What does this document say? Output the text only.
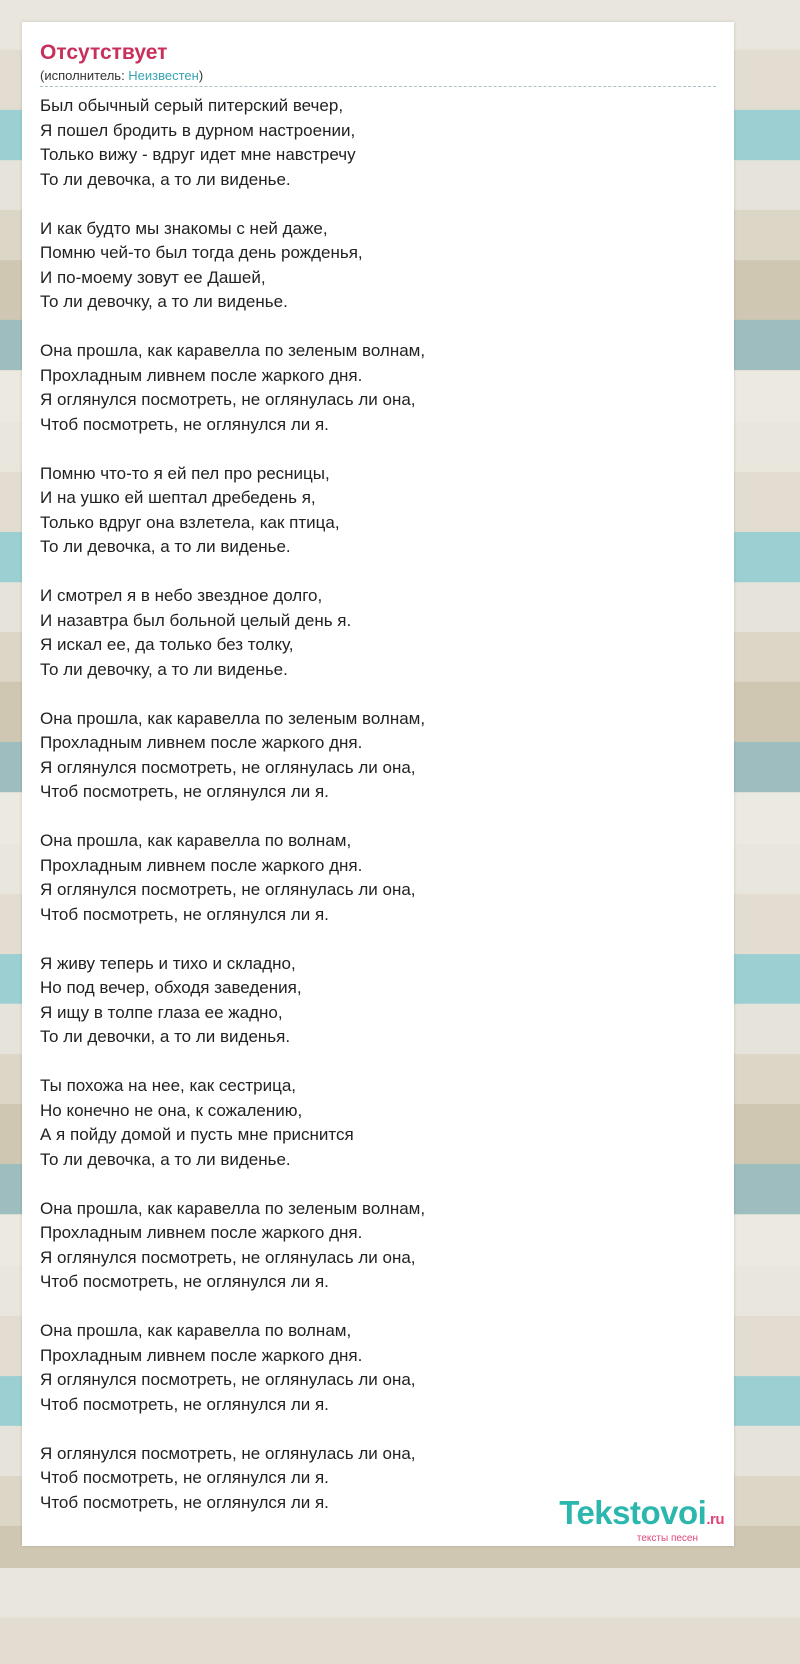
Отсутствует
(исполнитель: Неизвестен)
Был обычный серый питерский вечер,
Я пошел бродить в дурном настроении,
Только вижу - вдруг идет мне навстречу
То ли девочка, а то ли виденье.
И как будто мы знакомы с ней даже,
Помню чей-то был тогда день рожденья,
И по-моему зовут ее Дашей,
То ли девочку, а то ли виденье.
Она прошла, как каравелла по зеленым волнам,
Прохладным ливнем после жаркого дня.
Я оглянулся посмотреть, не оглянулась ли она,
Чтоб посмотреть, не оглянулся ли я.
Помню что-то я ей пел про ресницы,
И на ушко ей шептал дребедень я,
Только вдруг она взлетела, как птица,
То ли девочка, а то ли виденье.
И смотрел я в небо звездное долго,
И назавтра был больной целый день я.
Я искал ее, да только без толку,
То ли девочку, а то ли виденье.
Она прошла, как каравелла по зеленым волнам,
Прохладным ливнем после жаркого дня.
Я оглянулся посмотреть, не оглянулась ли она,
Чтоб посмотреть, не оглянулся ли я.
Она прошла, как каравелла по волнам,
Прохладным ливнем после жаркого дня.
Я оглянулся посмотреть, не оглянулась ли она,
Чтоб посмотреть, не оглянулся ли я.
Я живу теперь и тихо и складно,
Но под вечер, обходя заведения,
Я ищу в толпе глаза ее жадно,
То ли девочки, а то ли виденья.
Ты похожа на нее, как сестрица,
Но конечно не она, к сожалению,
А я пойду домой и пусть мне приснится
То ли девочка, а то ли виденье.
Она прошла, как каравелла по зеленым волнам,
Прохладным ливнем после жаркого дня.
Я оглянулся посмотреть, не оглянулась ли она,
Чтоб посмотреть, не оглянулся ли я.
Она прошла, как каравелла по волнам,
Прохладным ливнем после жаркого дня.
Я оглянулся посмотреть, не оглянулась ли она,
Чтоб посмотреть, не оглянулся ли я.
Я оглянулся посмотреть, не оглянулась ли она,
Чтоб посмотреть, не оглянулся ли я.
Чтоб посмотреть, не оглянулся ли я.	Tekstovoi.ru
тексты песен
